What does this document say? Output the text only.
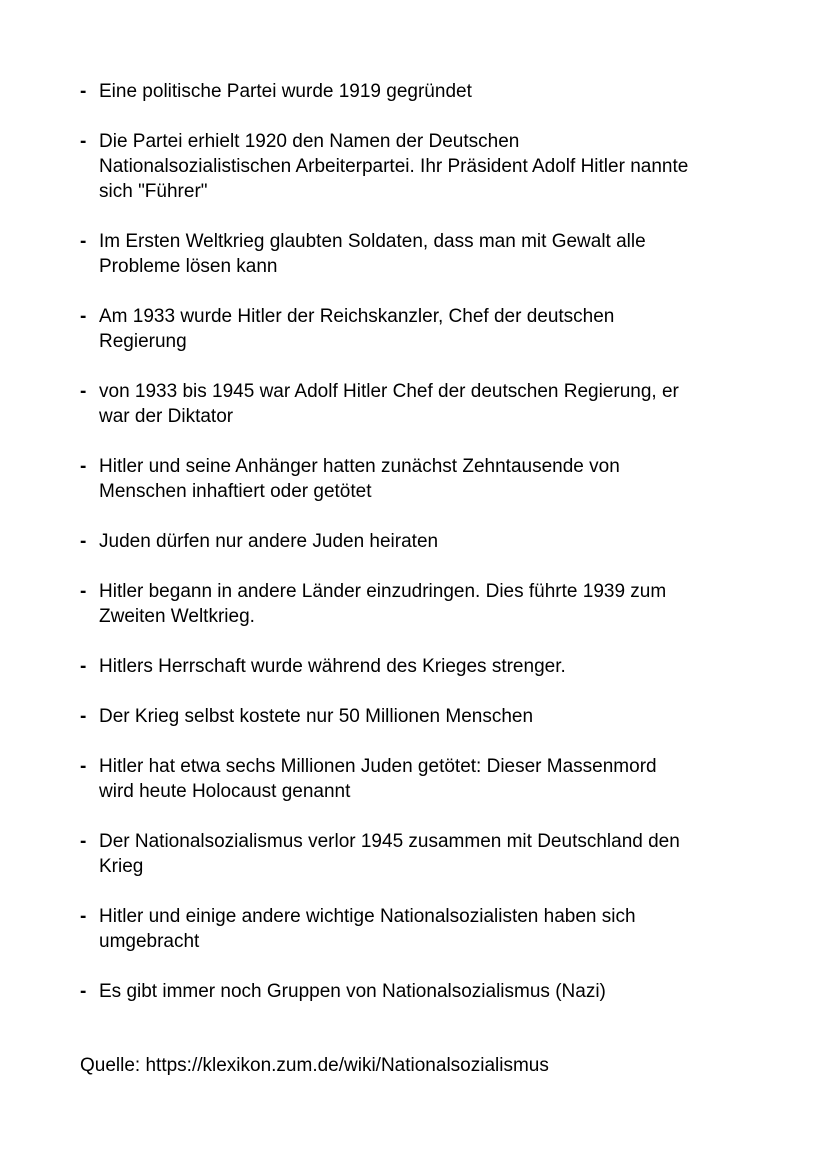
- Eine politische Partei wurde 1919 gegründet
- Die Partei erhielt 1920 den Namen der Deutschen
Nationalsozialistischen Arbeiterpartei. Ihr Präsident Adolf Hitler nannte
sich "Führer"
- Im Ersten Weltkrieg glaubten Soldaten, dass man mit Gewalt alle
Probleme lösen kann
- Am 1933 wurde Hitler der Reichskanzler, Chef der deutschen
Regierung
- von 1933 bis 1945 war Adolf Hitler Chef der deutschen Regierung, er
war der Diktator
- Hitler und seine Anhänger hatten zunächst Zehntausende von
Menschen inhaftiert oder getötet
- Juden dürfen nur andere Juden heiraten
- Hitler begann in andere Länder einzudringen. Dies führte 1939 zum
Zweiten Weltkrieg.
- Hitlers Herrschaft wurde während des Krieges strenger.
- Der Krieg selbst kostete nur 50 Millionen Menschen
- Hitler hat etwa sechs Millionen Juden getötet: Dieser Massenmord
wird heute Holocaust genannt
- Der Nationalsozialismus verlor 1945 zusammen mit Deutschland den
Krieg
- Hitler und einige andere wichtige Nationalsozialisten haben sich
umgebracht
- Es gibt immer noch Gruppen von Nationalsozialismus (Nazi)
Quelle: https://klexikon.zum.de/wiki/Nationalsozialismus
